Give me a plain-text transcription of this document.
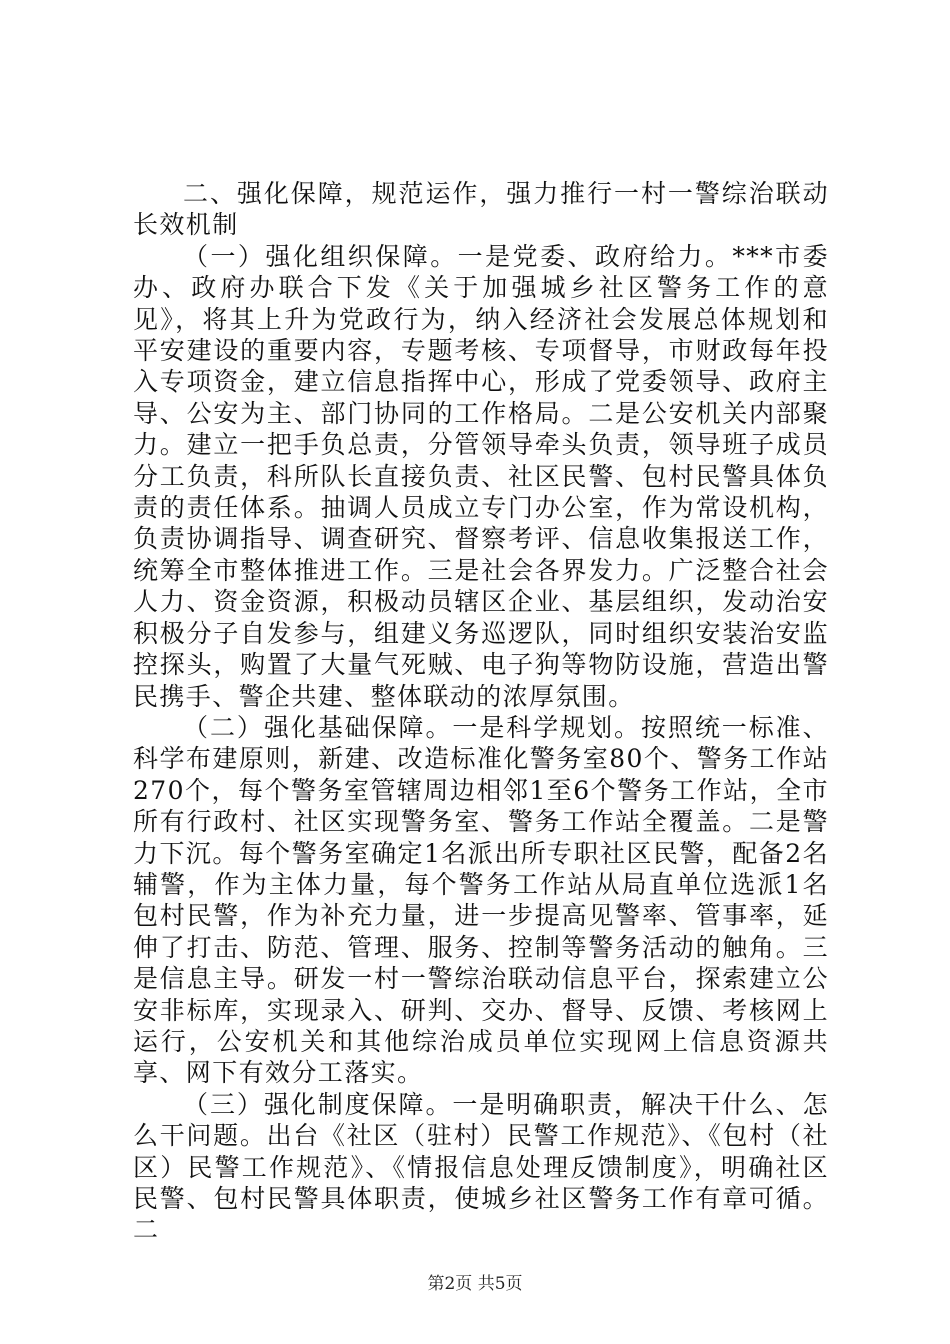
二、强化保障，规范运作，强力推行一村一警综治联动长效机制

（一）强化组织保障。一是党委、政府给力。***市委办、政府办联合下发《关于加强城乡社区警务工作的意见》，将其上升为党政行为，纳入经济社会发展总体规划和平安建设的重要内容，专题考核、专项督导，市财政每年投入专项资金，建立信息指挥中心，形成了党委领导、政府主导、公安为主、部门协同的工作格局。二是公安机关内部聚力。建立一把手负总责，分管领导牵头负责，领导班子成员分工负责，科所队长直接负责、社区民警、包村民警具体负责的责任体系。抽调人员成立专门办公室，作为常设机构，负责协调指导、调查研究、督察考评、信息收集报送工作，统筹全市整体推进工作。三是社会各界发力。广泛整合社会人力、资金资源，积极动员辖区企业、基层组织，发动治安积极分子自发参与，组建义务巡逻队，同时组织安装治安监控探头，购置了大量气死贼、电子狗等物防设施，营造出警民携手、警企共建、整体联动的浓厚氛围。

（二）强化基础保障。一是科学规划。按照统一标准、科学布建原则，新建、改造标准化警务室80个、警务工作站270个，每个警务室管辖周边相邻1至6个警务工作站，全市所有行政村、社区实现警务室、警务工作站全覆盖。二是警力下沉。每个警务室确定1名派出所专职社区民警，配备2名辅警，作为主体力量，每个警务工作站从局直单位选派1名包村民警，作为补充力量，进一步提高见警率、管事率，延伸了打击、防范、管理、服务、控制等警务活动的触角。三是信息主导。研发一村一警综治联动信息平台，探索建立公安非标库，实现录入、研判、交办、督导、反馈、考核网上运行，公安机关和其他综治成员单位实现网上信息资源共享、网下有效分工落实。

（三）强化制度保障。一是明确职责，解决干什么、怎么干问题。出台《社区（驻村）民警工作规范》、《包村（社区）民警工作规范》、《情报信息处理反馈制度》，明确社区民警、包村民警具体职责，使城乡社区警务工作有章可循。二

第2页 共5页
